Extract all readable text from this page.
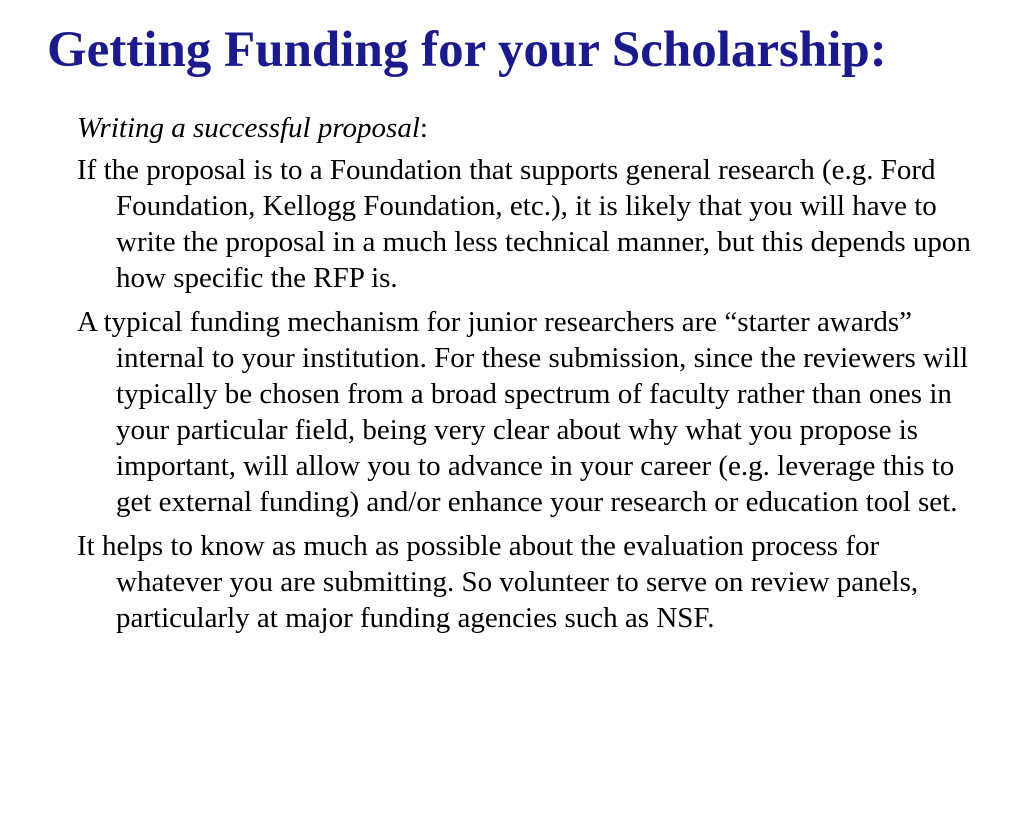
Getting Funding for your Scholarship:

Writing a successful proposal:

If the proposal is to a Foundation that supports general research (e.g. Ford Foundation, Kellogg Foundation, etc.), it is likely that you will have to write the proposal in a much less technical manner, but this depends upon how specific the RFP is.

A typical funding mechanism for junior researchers are “starter awards” internal to your institution. For these submission, since the reviewers will typically be chosen from a broad spectrum of faculty rather than ones in your particular field, being very clear about why what you propose is important, will allow you to advance in your career (e.g. leverage this to get external funding) and/or enhance your research or education tool set.

It helps to know as much as possible about the evaluation process for whatever you are submitting. So volunteer to serve on review panels, particularly at major funding agencies such as NSF.
